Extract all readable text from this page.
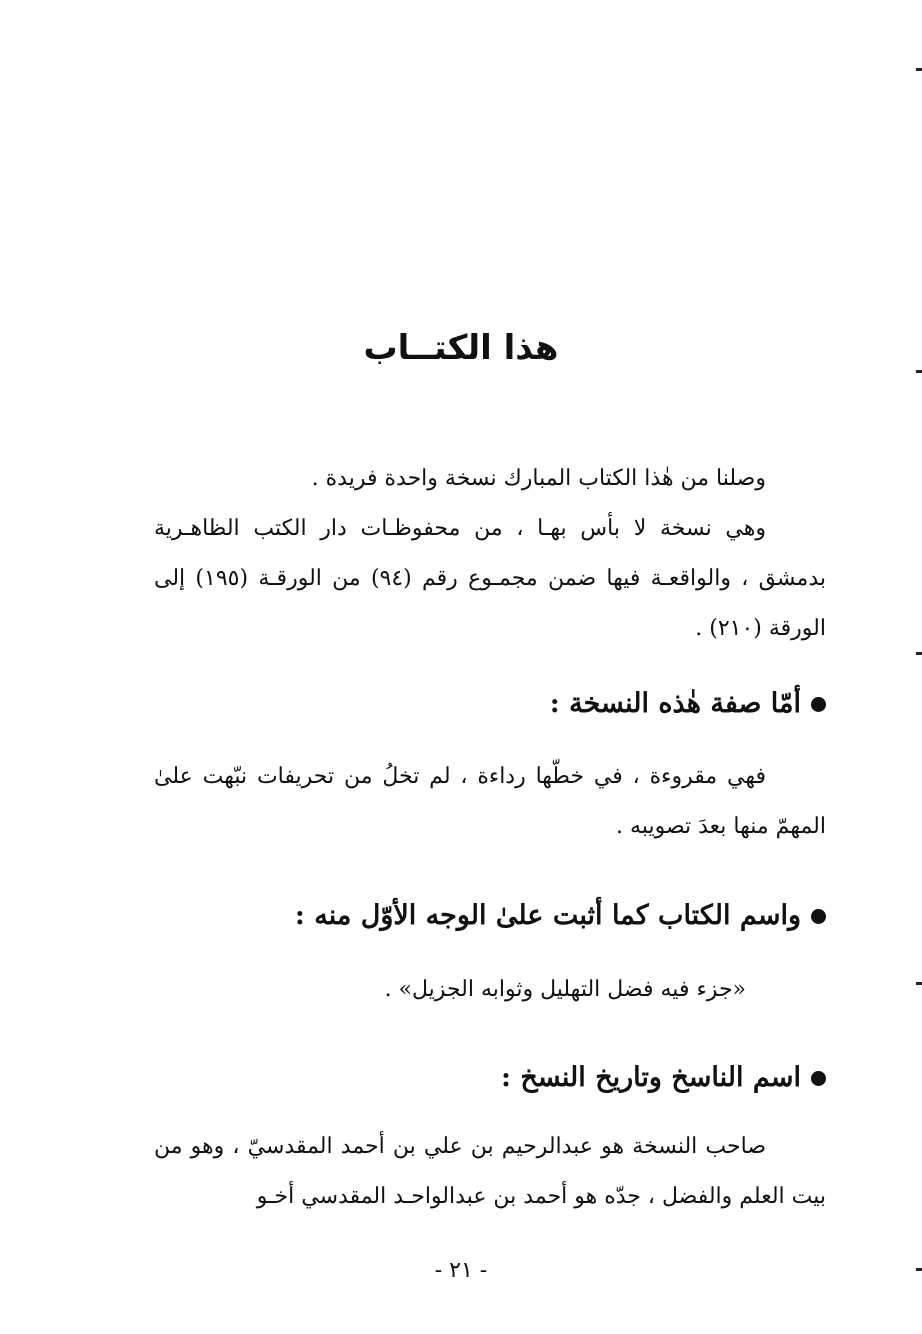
هذا الكتــاب

وصلنا من هٰذا الكتاب المبارك نسخة واحدة فريدة .

وهي نسخة لا بأس بهـا ، من محفوظـات دار الكتب الظاهـرية بدمشق ، والواقعـة فيها ضمن مجمـوع رقم (٩٤) من الورقـة (١٩٥) إلى الورقة (٢١٠) .

أمّا صفة هٰذه النسخة :

فهي مقروءة ، في خطّها رداءة ، لم تخلُ من تحريفات نبّهت علىٰ المهمّ منها بعدَ تصويبه .

واسم الكتاب كما أثبت علىٰ الوجه الأوّل منه :
«جزء فيه فضل التهليل وثوابه الجزيل» .
اسم الناسخ وتاريخ النسخ :

صاحب النسخة هو عبدالرحيم بن علي بن أحمد المقدسيّ ، وهو من بيت العلم والفضل ، جدّه هو أحمد بن عبدالواحـد المقدسي أخـو

- ٢١ -
